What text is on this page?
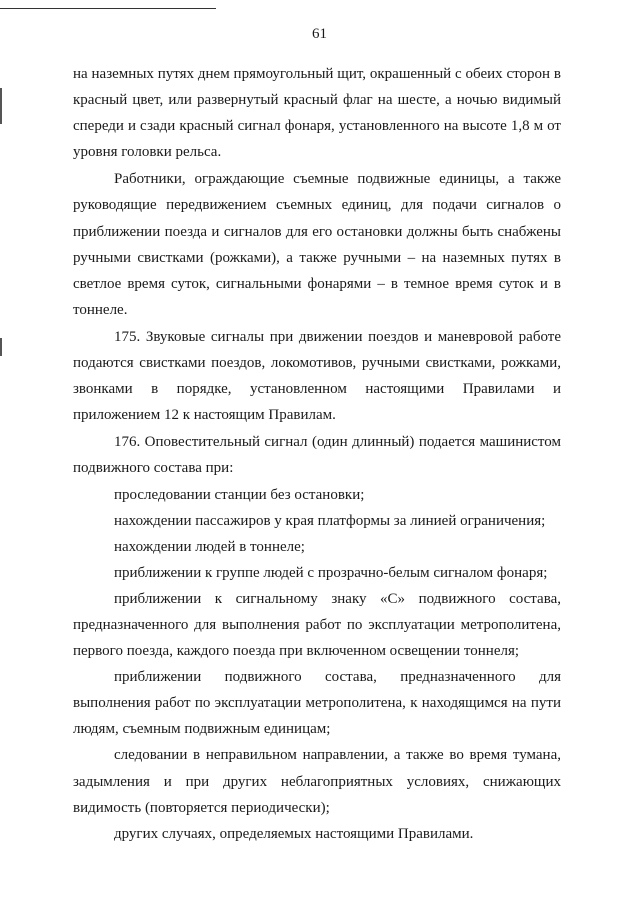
61

на наземных путях днем прямоугольный щит, окрашенный с обеих сторон в красный цвет, или развернутый красный флаг на шесте, а ночью видимый спереди и сзади красный сигнал фонаря, установленного на высоте 1,8 м от уровня головки рельса.

Работники, ограждающие съемные подвижные единицы, а также руководящие передвижением съемных единиц, для подачи сигналов о приближении поезда и сигналов для его остановки должны быть снабжены ручными свистками (рожками), а также ручными – на наземных путях в светлое время суток, сигнальными фонарями – в темное время суток и в тоннеле.

175. Звуковые сигналы при движении поездов и маневровой работе подаются свистками поездов, локомотивов, ручными свистками, рожками, звонками в порядке, установленном настоящими Правилами и приложением 12 к настоящим Правилам.

176. Оповестительный сигнал (один длинный) подается машинистом подвижного состава при:

проследовании станции без остановки;

нахождении пассажиров у края платформы за линией ограничения;

нахождении людей в тоннеле;

приближении к группе людей с прозрачно-белым сигналом фонаря;

приближении к сигнальному знаку «С» подвижного состава, предназначенного для выполнения работ по эксплуатации метрополитена, первого поезда, каждого поезда при включенном освещении тоннеля;

приближении подвижного состава, предназначенного для выполнения работ по эксплуатации метрополитена, к находящимся на пути людям, съемным подвижным единицам;

следовании в неправильном направлении, а также во время тумана, задымления и при других неблагоприятных условиях, снижающих видимость (повторяется периодически);

других случаях, определяемых настоящими Правилами.
